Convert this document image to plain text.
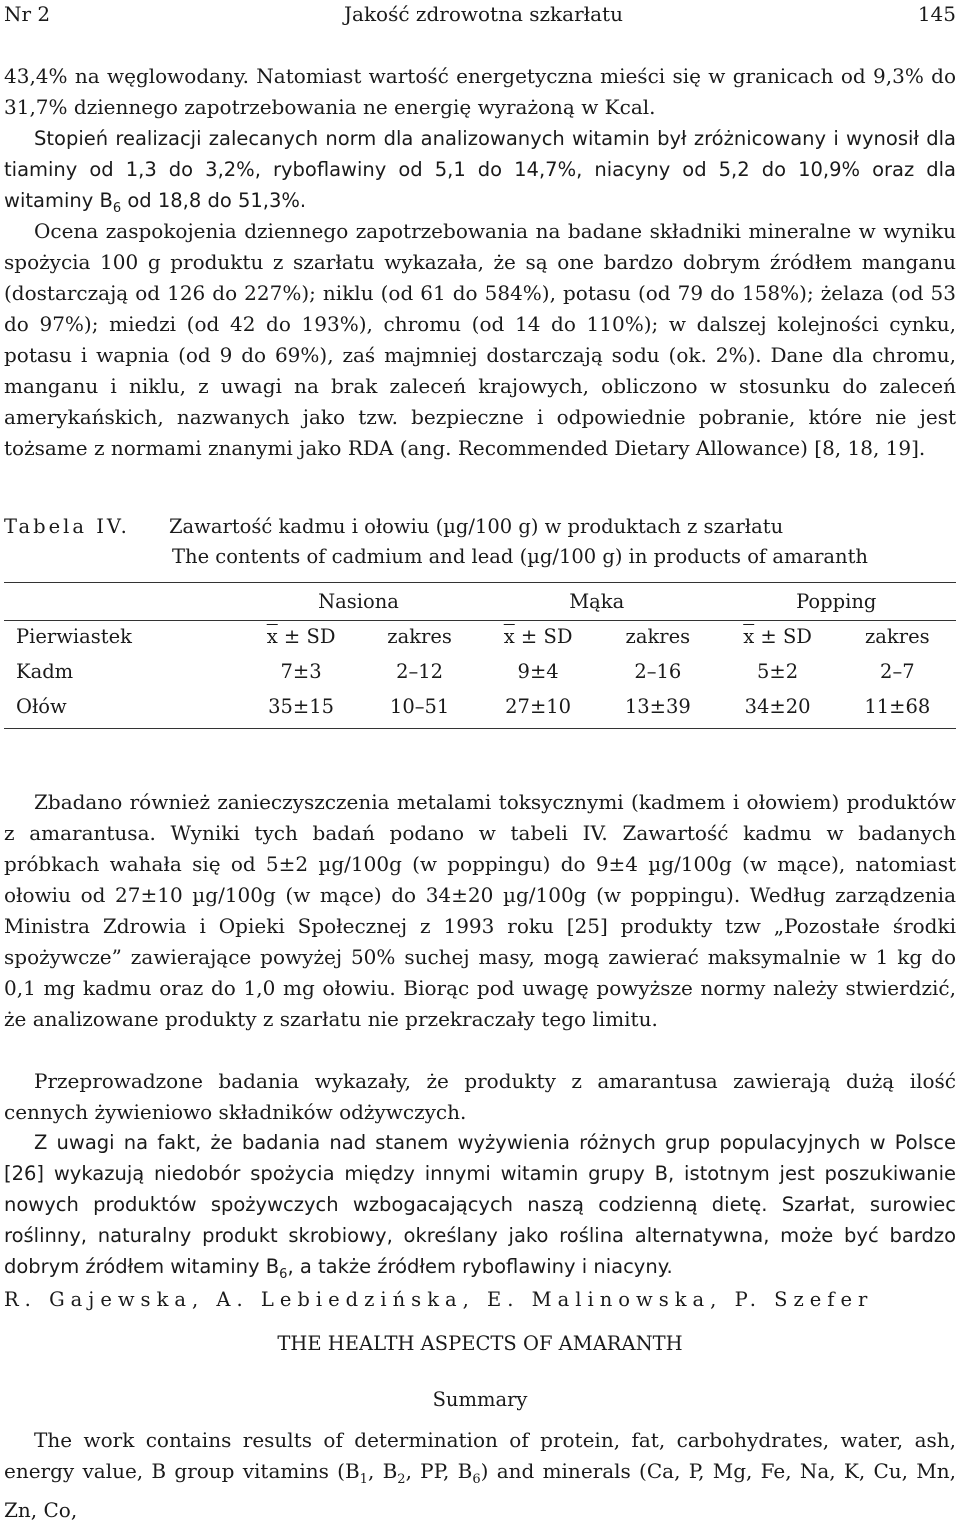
Nr 2	Jakość zdrowotna szkarłatu	145

43,4% na węglowodany. Natomiast wartość energetyczna mieści się w granicach od 9,3% do 31,7% dziennego zapotrzebowania ne energię wyrażoną w Kcal.

Stopień realizacji zalecanych norm dla analizowanych witamin był zróżnicowany i wynosił dla tiaminy od 1,3 do 3,2%, ryboflawiny od 5,1 do 14,7%, niacyny od 5,2 do 10,9% oraz dla witaminy $B_6$ od 18,8 do 51,3%.

Ocena zaspokojenia dziennego zapotrzebowania na badane składniki mineralne w wyniku spożycia 100 g produktu z szarłatu wykazała, że są one bardzo dobrym źródłem manganu (dostarczają od 126 do 227%); niklu (od 61 do 584%), potasu (od 79 do 158%); żelaza (od 53 do 97%); miedzi (od 42 do 193%), chromu (od 14 do 110%); w dalszej kolejności cynku, potasu i wapnia (od 9 do 69%), zaś majmniej dostarczają sodu (ok. 2%). Dane dla chromu, manganu i niklu, z uwagi na brak zaleceń krajowych, obliczono w stosunku do zaleceń amerykańskich, nazwanych jako tzw. bezpieczne i odpowiednie pobranie, które nie jest tożsame z normami znanymi jako RDA (ang. Recommended Dietary Allowance) [8, 18, 19].

Tabela IV. Zawartość kadmu i ołowiu (µg/100 g) w produktach z szarłatu
The contents of cadmium and lead (µg/100 g) in products of amaranth
	Nasiona		Mąka		Popping	
Pierwiastek	$\overline{x}$ ± SD	zakres	$\overline{x}$ ± SD	zakres	$\overline{x}$ ± SD	zakres
Kadm	7±3	2–12	9±4	2–16	5±2	2–7
Ołów	35±15	10–51	27±10	13±39	34±20	11±68

Zbadano również zanieczyszczenia metalami toksycznymi (kadmem i ołowiem) produktów z amarantusa. Wyniki tych badań podano w tabeli IV. Zawartość kadmu w badanych próbkach wahała się od 5±2 µg/100g (w poppingu) do 9±4 µg/100g (w mące), natomiast ołowiu od 27±10 µg/100g (w mące) do 34±20 µg/100g (w poppingu). Według zarządzenia Ministra Zdrowia i Opieki Społecznej z 1993 roku [25] produkty tzw „Pozostałe środki spożywcze” zawierające powyżej 50% suchej masy, mogą zawierać maksymalnie w 1 kg do 0,1 mg kadmu oraz do 1,0 mg ołowiu. Biorąc pod uwagę powyższe normy należy stwierdzić, że analizowane produkty z szarłatu nie przekraczały tego limitu.

Przeprowadzone badania wykazały, że produkty z amarantusa zawierają dużą ilość cennych żywieniowo składników odżywczych.

Z uwagi na fakt, że badania nad stanem wyżywienia różnych grup populacyjnych w Polsce [26] wykazują niedobór spożycia między innymi witamin grupy B, istotnym jest poszukiwanie nowych produktów spożywczych wzbogacających naszą codzienną dietę. Szarłat, surowiec roślinny, naturalny produkt skrobiowy, określany jako roślina alternatywna, może być bardzo dobrym źródłem witaminy $B_6$, a także źródłem ryboflawiny i niacyny.

R. Gajewska, A. Lebiedzińska, E. Malinowska, P. Szefer
THE HEALTH ASPECTS OF AMARANTH
Summary

The work contains results of determination of protein, fat, carbohydrates, water, ash, energy value, B group vitamins ($B_1$, $B_2$, PP, $B_6$) and minerals (Ca, P, Mg, Fe, Na, K, Cu, Mn, Zn, Co,
